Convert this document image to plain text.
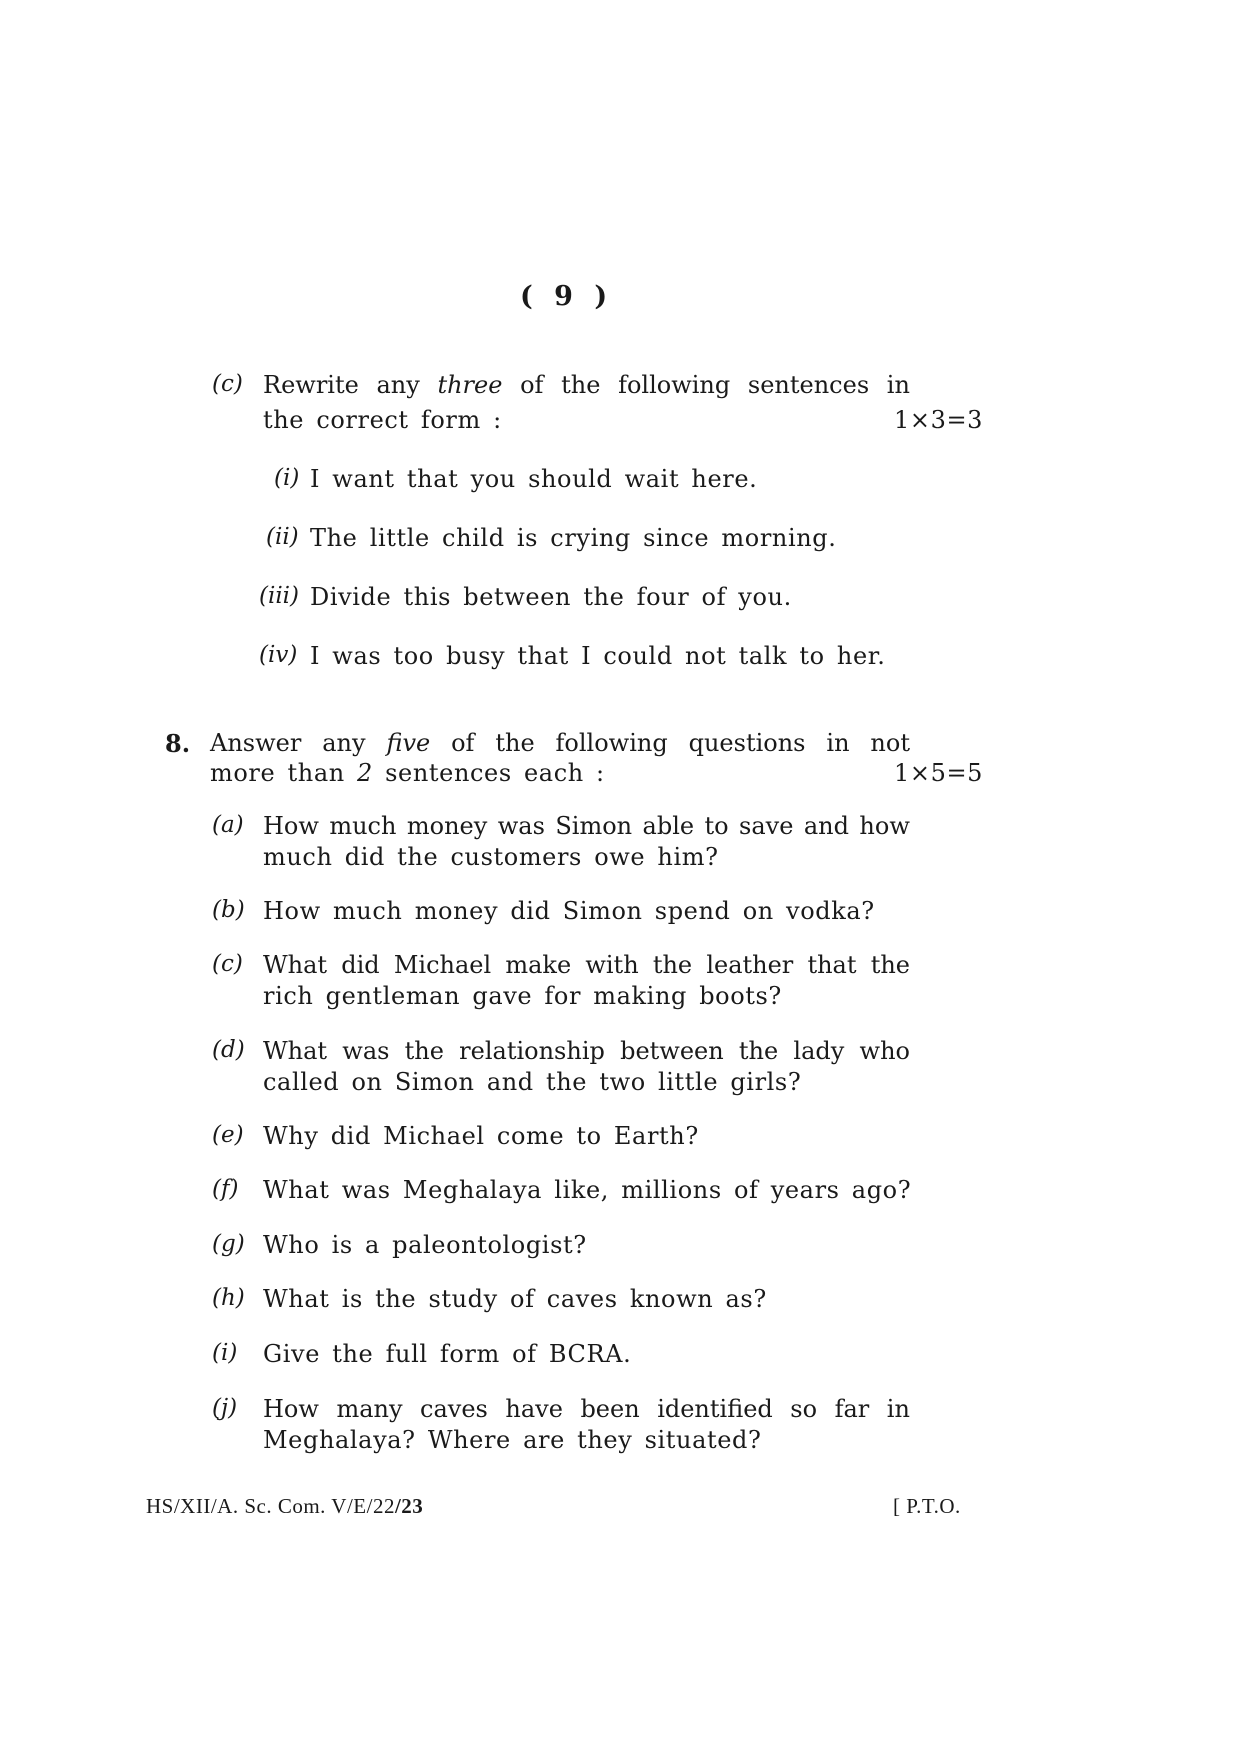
( 9 )
(c) Rewrite any three of the following sentences in
the correct form :	1×3=3
(i) I want that you should wait here.
(ii) The little child is crying since morning.
(iii) Divide this between the four of you.
(iv) I was too busy that I could not talk to her.
8. Answer any five of the following questions in not
more than 2 sentences each :	1×5=5
(a) How much money was Simon able to save and how
much did the customers owe him?
(b) How much money did Simon spend on vodka?
(c) What did Michael make with the leather that the
rich gentleman gave for making boots?
(d) What was the relationship between the lady who
called on Simon and the two little girls?
(e) Why did Michael come to Earth?
(f) What was Meghalaya like, millions of years ago?
(g) Who is a paleontologist?
(h) What is the study of caves known as?
(i) Give the full form of BCRA.
(j) How many caves have been identified so far in
Meghalaya? Where are they situated?
HS/XII/A. Sc. Com. V/E/22/23	[ P.T.O.
